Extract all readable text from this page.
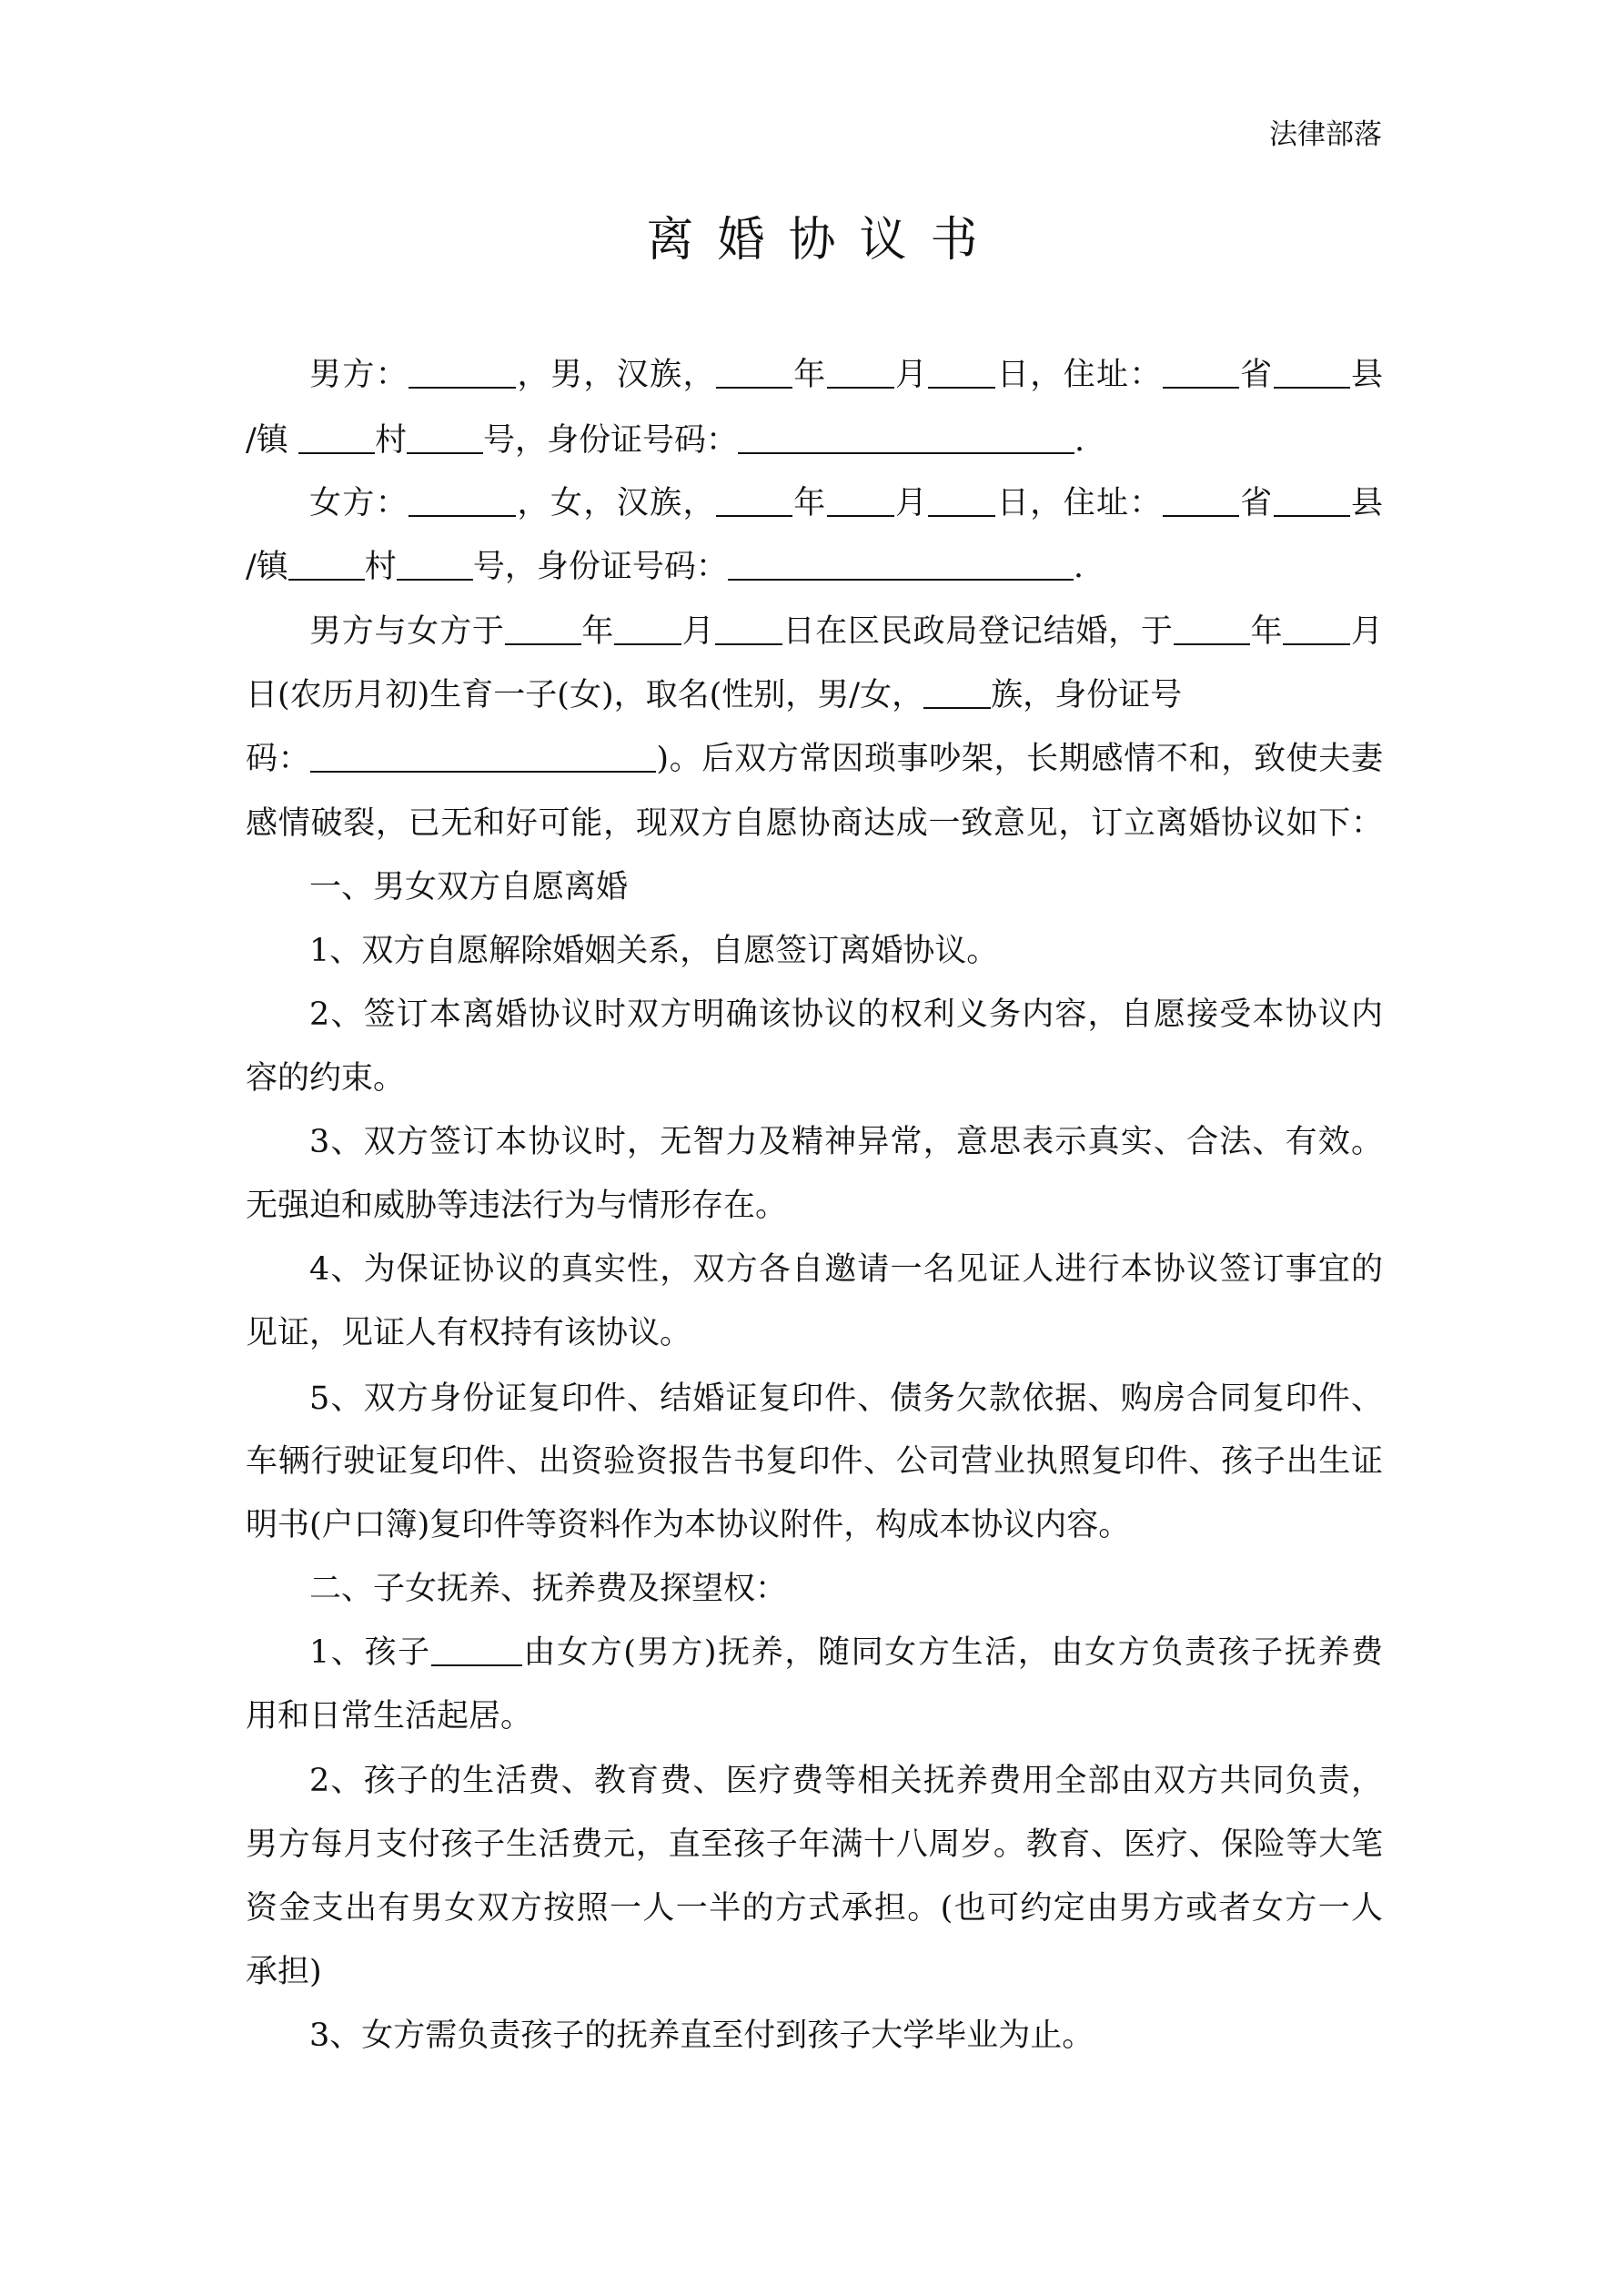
法律部落
离婚协议书
男方：	，男，汉族， 年 月 日，住址： 省 县
/镇	村 号，身份证号码：	.
女方：	，女，汉族， 年 月 日，住址： 省 县
/镇 村 号，身份证号码：	.
男方与女方于 年 月 日在区民政局登记结婚，于 年 月
日(农历月初)生育一子(女)，取名(性别，男/女， 族，身份证号
码：	)。后双方常因琐事吵架，长期感情不和，致使夫妻
感情破裂，已无和好可能，现双方自愿协商达成一致意见，订立离婚协议如下：
一、男女双方自愿离婚
1、双方自愿解除婚姻关系，自愿签订离婚协议。
2、签订本离婚协议时双方明确该协议的权利义务内容，自愿接受本协议内
容的约束。
3、双方签订本协议时，无智力及精神异常，意思表示真实、合法、有效。
无强迫和威胁等违法行为与情形存在。
4、为保证协议的真实性，双方各自邀请一名见证人进行本协议签订事宜的
见证，见证人有权持有该协议。
5、双方身份证复印件、结婚证复印件、债务欠款依据、购房合同复印件、
车辆行驶证复印件、出资验资报告书复印件、公司营业执照复印件、孩子出生证
明书(户口簿)复印件等资料作为本协议附件，构成本协议内容。
二、子女抚养、抚养费及探望权：
1、孩子	由女方(男方)抚养，随同女方生活，由女方负责孩子抚养费
用和日常生活起居。
2、孩子的生活费、教育费、医疗费等相关抚养费用全部由双方共同负责，
男方每月支付孩子生活费元，直至孩子年满十八周岁。教育、医疗、保险等大笔
资金支出有男女双方按照一人一半的方式承担。(也可约定由男方或者女方一人
承担)
3、女方需负责孩子的抚养直至付到孩子大学毕业为止。
